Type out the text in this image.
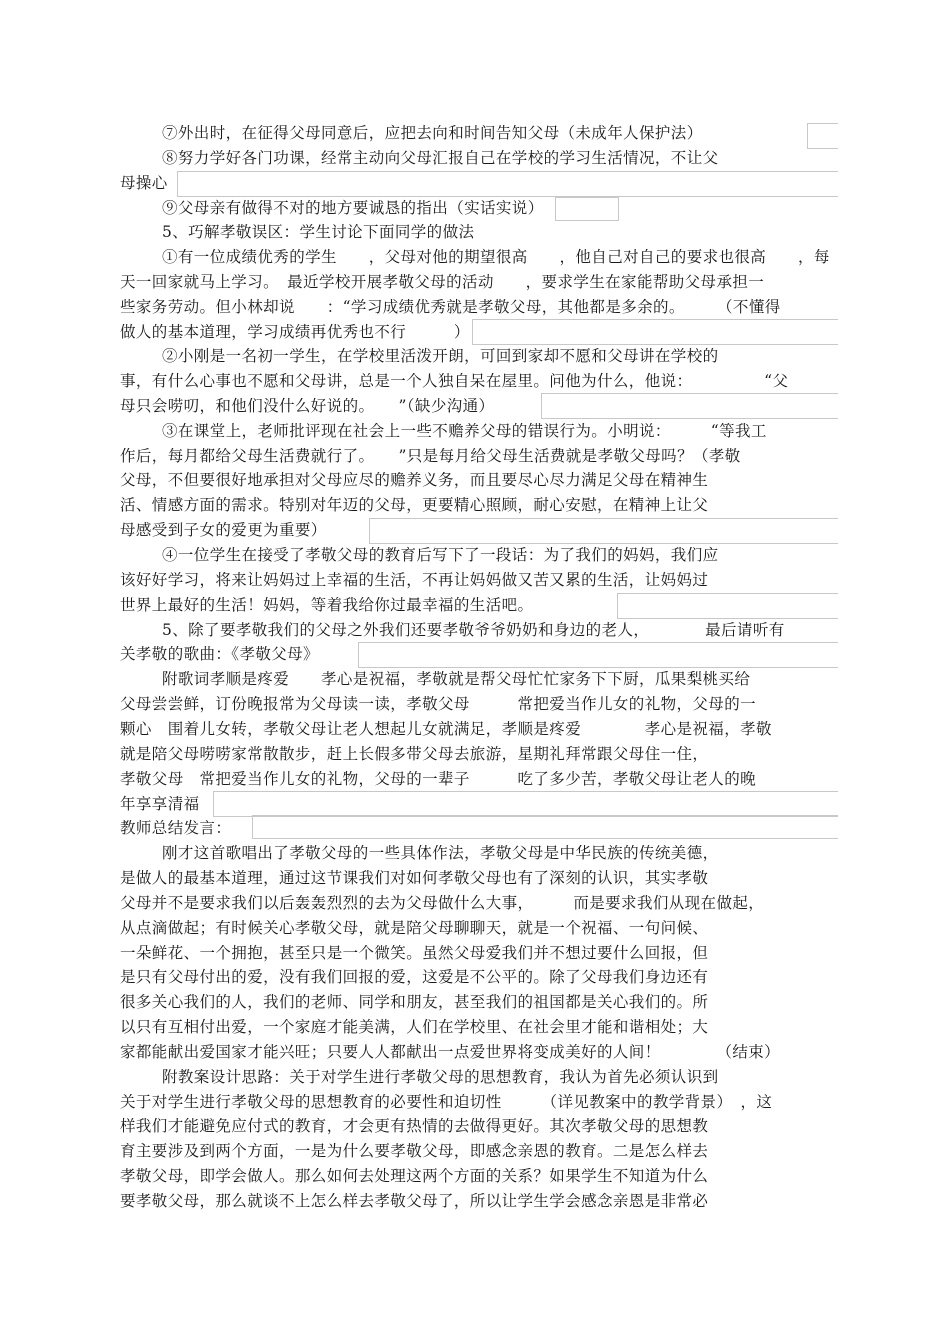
⑦外出时，在征得父母同意后，应把去向和时间告知父母（未成年人保护法）
⑧努力学好各门功课，经常主动向父母汇报自己在学校的学习生活情况，不让父
母操心
⑨父母亲有做得不对的地方要诚恳的指出（实话实说）
5、巧解孝敬误区：学生讨论下面同学的做法
①有一位成绩优秀的学生　　，父母对他的期望很高　　，他自己对自己的要求也很高　　，每
天一回家就马上学习。　最近学校开展孝敬父母的活动　　，要求学生在家能帮助父母承担一
些家务劳动。但小林却说　　：“学习成绩优秀就是孝敬父母，其他都是多余的。　　　（不懂得
做人的基本道理，学习成绩再优秀也不行　　　）
②小刚是一名初一学生，在学校里活泼开朗，可回到家却不愿和父母讲在学校的
事，有什么心事也不愿和父母讲，总是一个人独自呆在屋里。问他为什么，他说：　　　　　“父
母只会唠叨，和他们没什么好说的。　　”（缺少沟通）
③在课堂上，老师批评现在社会上一些不赡养父母的错误行为。小明说：　　　“等我工
作后，每月都给父母生活费就行了。　　”只是每月给父母生活费就是孝敬父母吗？（孝敬
父母，不但要很好地承担对父母应尽的赡养义务，而且要尽心尽力满足父母在精神生
活、情感方面的需求。特别对年迈的父母，更要精心照顾，耐心安慰，在精神上让父
母感受到子女的爱更为重要）
④一位学生在接受了孝敬父母的教育后写下了一段话：为了我们的妈妈，我们应
该好好学习，将来让妈妈过上幸福的生活，不再让妈妈做又苦又累的生活，让妈妈过
世界上最好的生活！妈妈，等着我给你过最幸福的生活吧。
5、除了要孝敬我们的父母之外我们还要孝敬爷爷奶奶和身边的老人，　　　　最后请听有
关孝敬的歌曲：《孝敬父母》
附歌词孝顺是疼爱　　孝心是祝福，孝敬就是帮父母忙忙家务下下厨，瓜果梨桃买给
父母尝尝鲜，订份晚报常为父母读一读，孝敬父母　　　常把爱当作儿女的礼物，父母的一
颗心　围着儿女转，孝敬父母让老人想起儿女就满足，孝顺是疼爱　　　　孝心是祝福，孝敬
就是陪父母唠唠家常散散步，赶上长假多带父母去旅游，星期礼拜常跟父母住一住，
孝敬父母　常把爱当作儿女的礼物，父母的一辈子　　　吃了多少苦，孝敬父母让老人的晚
年享享清福
教师总结发言：
刚才这首歌唱出了孝敬父母的一些具体作法，孝敬父母是中华民族的传统美德，
是做人的最基本道理，通过这节课我们对如何孝敬父母也有了深刻的认识，其实孝敬
父母并不是要求我们以后轰轰烈烈的去为父母做什么大事，　　　而是要求我们从现在做起，
从点滴做起；有时候关心孝敬父母，就是陪父母聊聊天，就是一个祝福、一句问候、
一朵鲜花、一个拥抱，甚至只是一个微笑。虽然父母爱我们并不想过要什么回报，但
是只有父母付出的爱，没有我们回报的爱，这爱是不公平的。除了父母我们身边还有
很多关心我们的人，我们的老师、同学和朋友，甚至我们的祖国都是关心我们的。所
以只有互相付出爱，一个家庭才能美满，人们在学校里、在社会里才能和谐相处；大
家都能献出爱国家才能兴旺；只要人人都献出一点爱世界将变成美好的人间！　　　　（结束）
附教案设计思路：关于对学生进行孝敬父母的思想教育，我认为首先必须认识到
关于对学生进行孝敬父母的思想教育的必要性和迫切性　　　（详见教案中的教学背景）　，这
样我们才能避免应付式的教育，才会更有热情的去做得更好。其次孝敬父母的思想教
育主要涉及到两个方面，一是为什么要孝敬父母，即感念亲恩的教育。二是怎么样去
孝敬父母，即学会做人。那么如何去处理这两个方面的关系？如果学生不知道为什么
要孝敬父母，那么就谈不上怎么样去孝敬父母了，所以让学生学会感念亲恩是非常必
